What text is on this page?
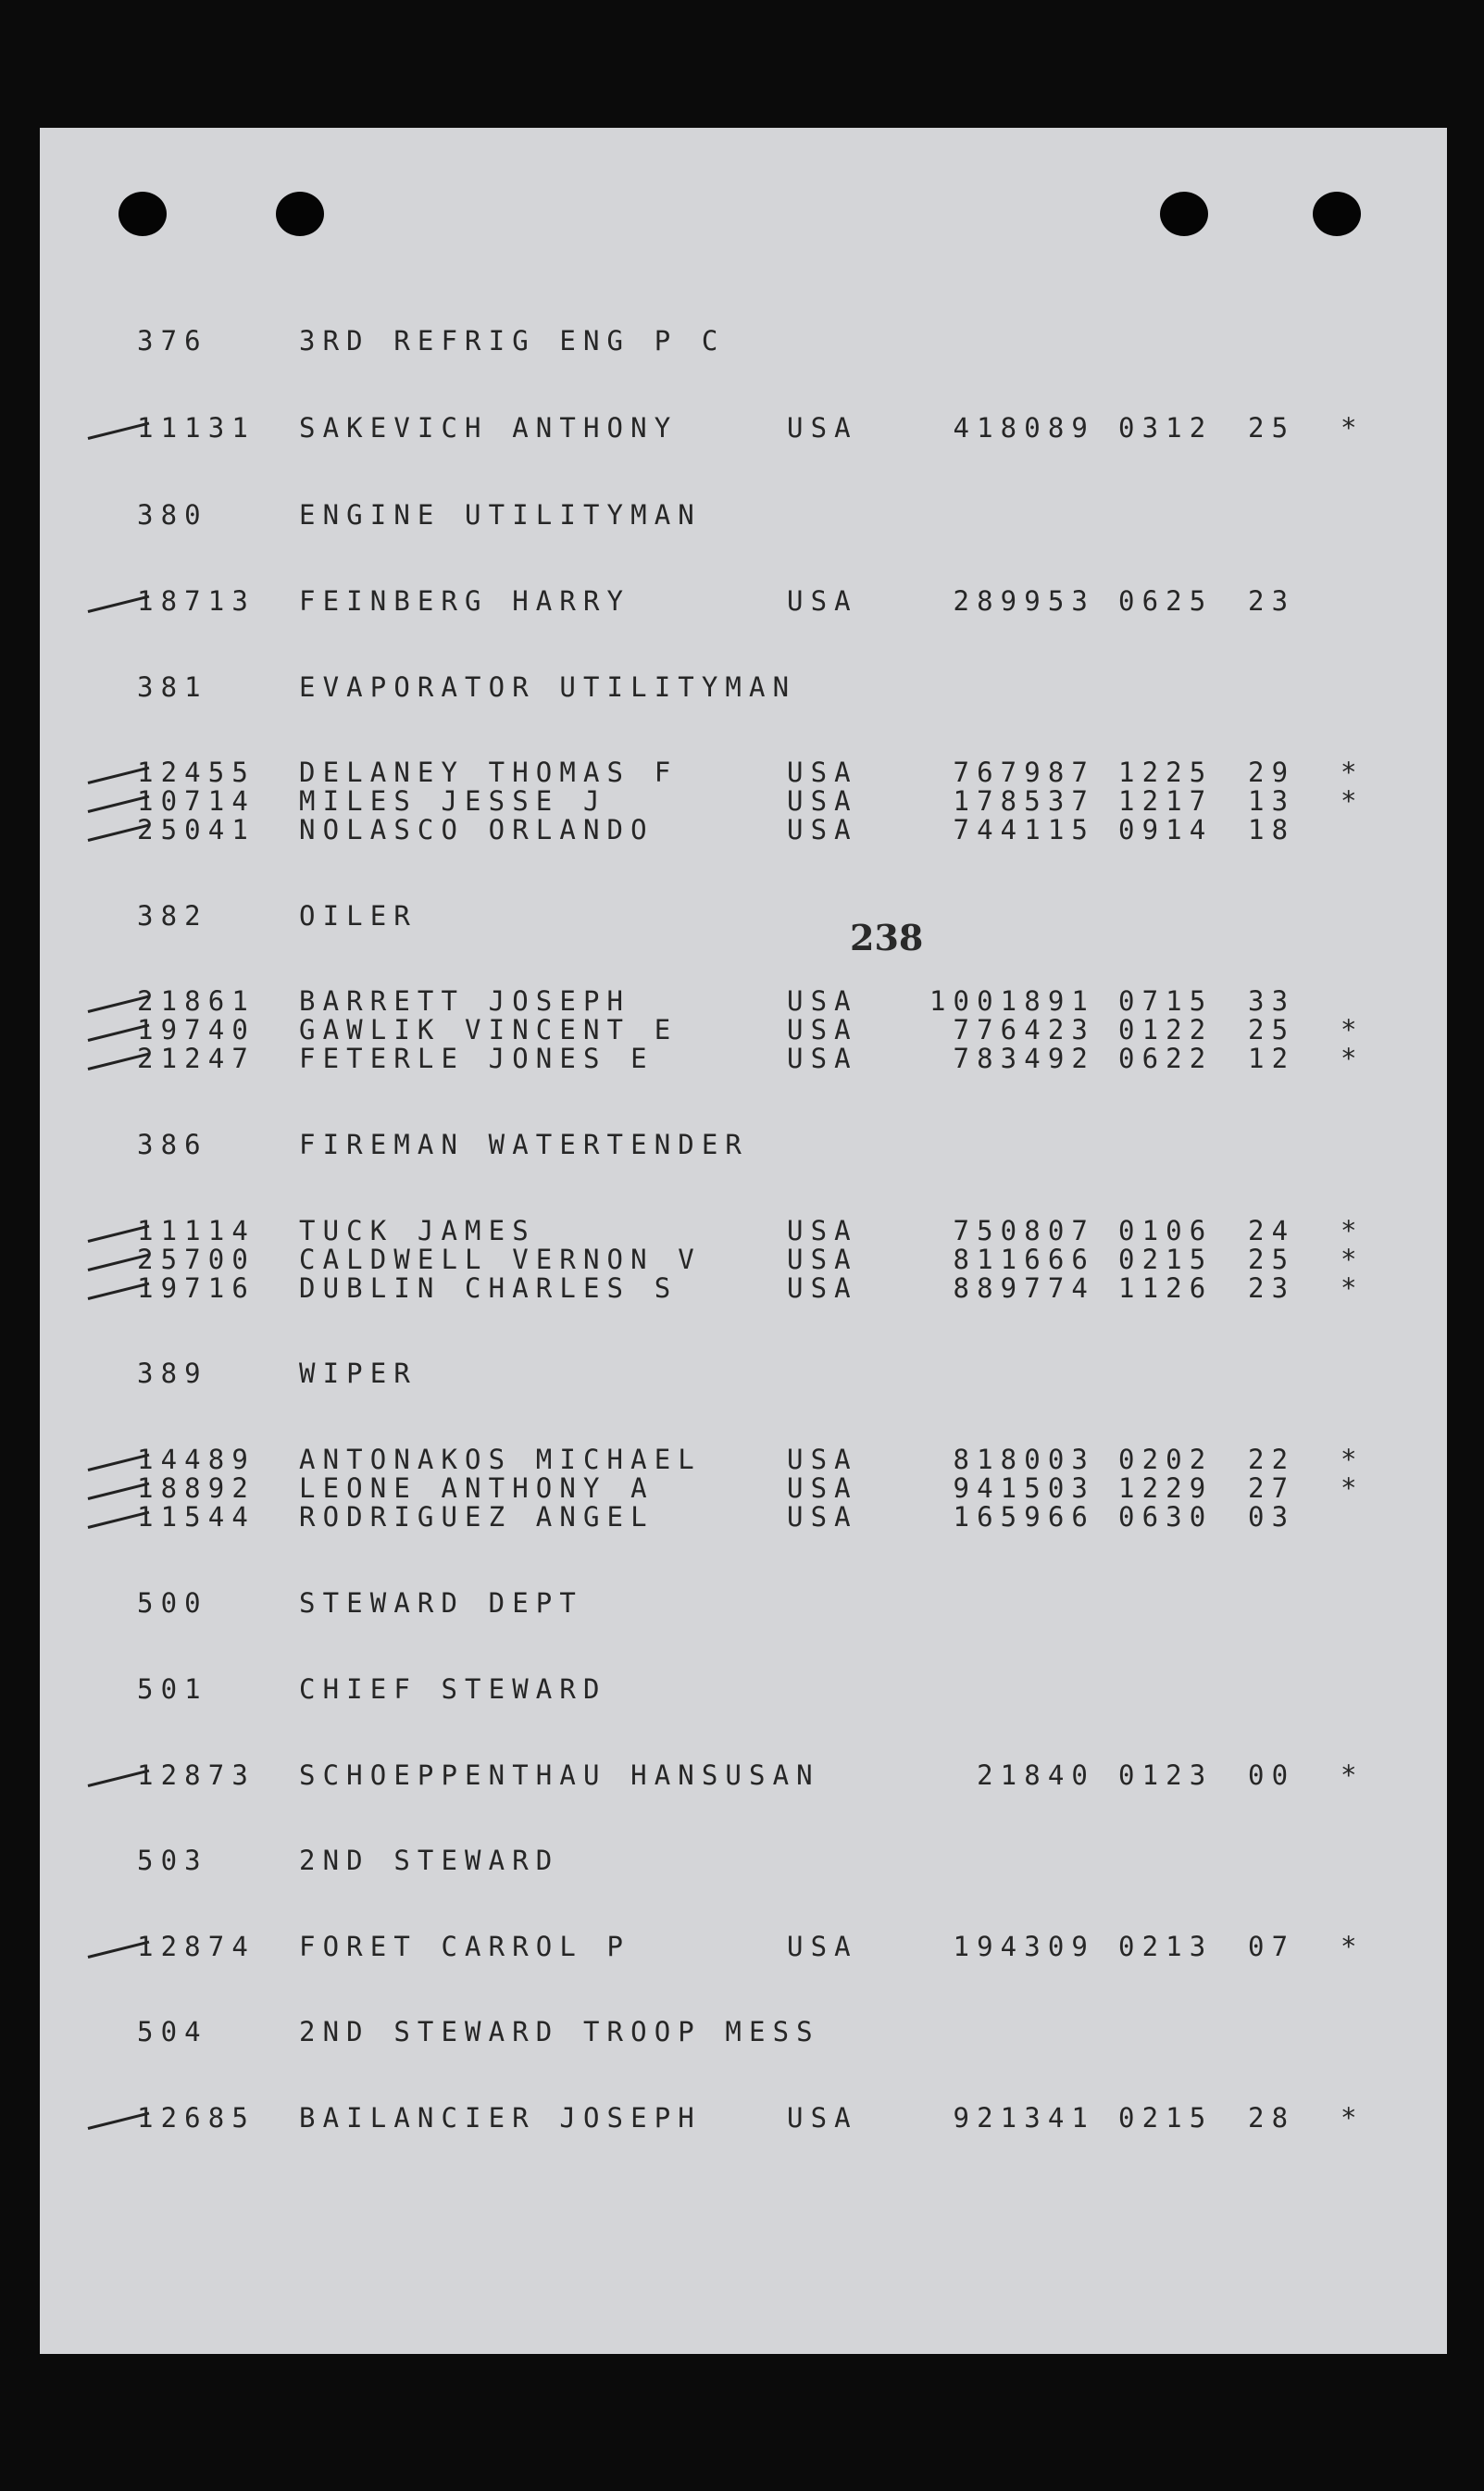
238
376	3RD REFRIG ENG P C
11131 SAKEVICH ANTHONY	USA	418089 0312 25 *
380	ENGINE UTILITYMAN
18713 FEINBERG HARRY	USA	289953 0625 23
381	EVAPORATOR UTILITYMAN
12455 DELANEY THOMAS F	USA	767987 1225 29 *
10714 MILES JESSE J	USA	178537 1217 13 *
25041 NOLASCO ORLANDO	USA	744115 0914 18
382	OILER
21861 BARRETT JOSEPH	USA	1001891 0715 33
19740 GAWLIK VINCENT E	USA	776423 0122 25 *
21247 FETERLE JONES E	USA	783492 0622 12 *
386	FIREMAN WATERTENDER
11114 TUCK JAMES	USA	750807 0106 24 *
25700 CALDWELL VERNON V	USA	811666 0215 25 *
19716 DUBLIN CHARLES S	USA	889774 1126 23 *
389	WIPER
14489 ANTONAKOS MICHAEL	USA	818003 0202 22 *
18892 LEONE ANTHONY A	USA	941503 1229 27 *
11544 RODRIGUEZ ANGEL	USA	165966 0630 03
500	STEWARD DEPT
501	CHIEF STEWARD
12873 SCHOEPPENTHAU HANSUSAN	21840 0123 00 *
503	2ND STEWARD
12874 FORET CARROL P	USA	194309 0213 07 *
504	2ND STEWARD TROOP MESS
12685 BAILANCIER JOSEPH	USA	921341 0215 28 *
